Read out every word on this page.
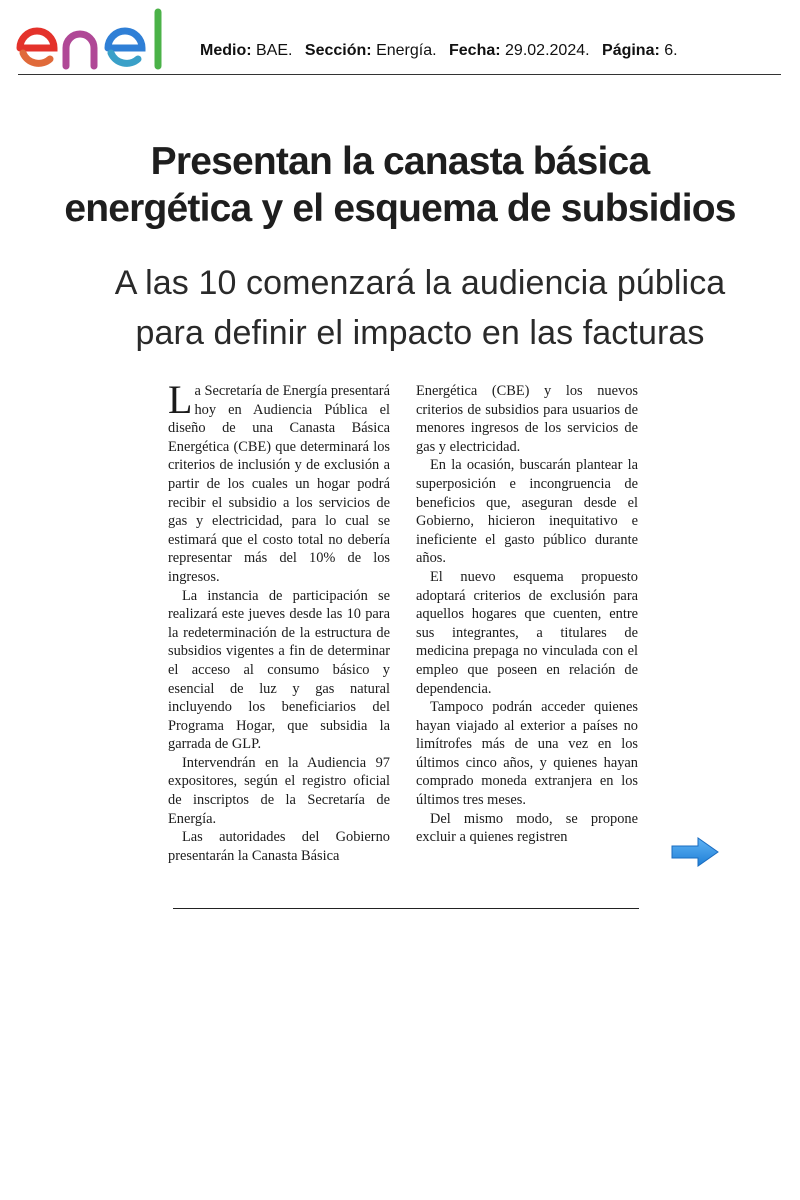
Medio: BAE. Sección: Energía. Fecha: 29.02.2024. Página: 6.
Presentan la canasta básica
energética y el esquema de subsidios
A las 10 comenzará la audiencia pública
para definir el impacto en las facturas

La Secretaría de Energía presentará hoy en Audiencia Pública el diseño de una Canasta Básica Energética (CBE) que determinará los criterios de inclusión y de exclusión a partir de los cuales un hogar podrá recibir el subsidio a los servicios de gas y electricidad, para lo cual se estimará que el costo total no debería representar más del 10% de los ingresos.

La instancia de participación se realizará este jueves desde las 10 para la redeterminación de la estructura de subsidios vigentes a fin de determinar el acceso al consumo básico y esencial de luz y gas natural incluyendo los beneficiarios del Programa Hogar, que subsidia la garrada de GLP.

Intervendrán en la Audiencia 97 expositores, según el registro oficial de inscriptos de la Secretaría de Energía.

Las autoridades del Gobierno presentarán la Canasta Básica

Energética (CBE) y los nuevos criterios de subsidios para usuarios de menores ingresos de los servicios de gas y electricidad.

En la ocasión, buscarán plantear la superposición e incongruencia de beneficios que, aseguran desde el Gobierno, hicieron inequitativo e ineficiente el gasto público durante años.

El nuevo esquema propuesto adoptará criterios de exclusión para aquellos hogares que cuenten, entre sus integrantes, a titulares de medicina prepaga no vinculada con el empleo que poseen en relación de dependencia.

Tampoco podrán acceder quienes hayan viajado al exterior a países no limítrofes más de una vez en los últimos cinco años, y quienes hayan comprado moneda extranjera en los últimos tres meses.

Del mismo modo, se propone excluir a quienes registren
